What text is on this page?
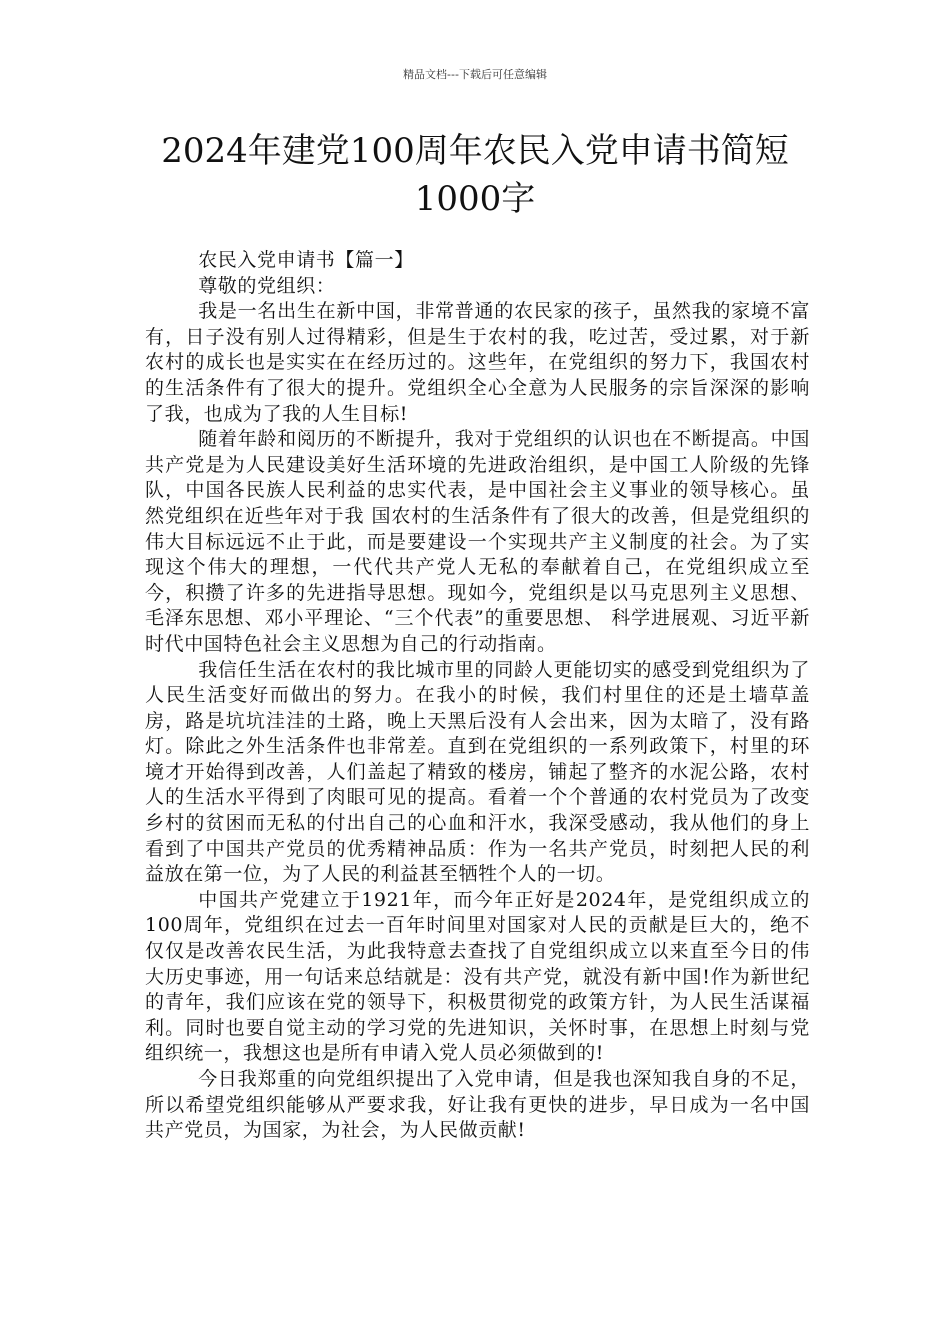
精品文档---下载后可任意编辑
2024年建党100周年农民入党申请书简短1000字

农民入党申请书【篇一】

尊敬的党组织：

我是一名出生在新中国，非常普通的农民家的孩子，虽然我的家境不富有，日子没有别人过得精彩，但是生于农村的我，吃过苦，受过累，对于新农村的成长也是实实在在经历过的。这些年，在党组织的努力下，我国农村的生活条件有了很大的提升。党组织全心全意为人民服务的宗旨深深的影响了我，也成为了我的人生目标!

随着年龄和阅历的不断提升，我对于党组织的认识也在不断提高。中国共产党是为人民建设美好生活环境的先进政治组织，是中国工人阶级的先锋队，中国各民族人民利益的忠实代表，是中国社会主义事业的领导核心。虽然党组织在近些年对于我 国农村的生活条件有了很大的改善，但是党组织的伟大目标远远不止于此，而是要建设一个实现共产主义制度的社会。为了实现这个伟大的理想，一代代共产党人无私的奉献着自己，在党组织成立至今，积攒了许多的先进指导思想。现如今，党组织是以马克思列主义思想、毛泽东思想、邓小平理论、“三个代表”的重要思想、 科学进展观、习近平新时代中国特色社会主义思想为自己的行动指南。

我信任生活在农村的我比城市里的同龄人更能切实的感受到党组织为了人民生活变好而做出的努力。在我小的时候，我们村里住的还是土墙草盖房，路是坑坑洼洼的土路，晚上天黑后没有人会出来，因为太暗了，没有路灯。除此之外生活条件也非常差。直到在党组织的一系列政策下，村里的环境才开始得到改善，人们盖起了精致的楼房，铺起了整齐的水泥公路，农村人的生活水平得到了肉眼可见的提高。看着一个个普通的农村党员为了改变乡村的贫困而无私的付出自己的心血和汗水，我深受感动，我从他们的身上看到了中国共产党员的优秀精神品质：作为一名共产党员，时刻把人民的利益放在第一位，为了人民的利益甚至牺牲个人的一切。

中国共产党建立于1921年，而今年正好是2024年，是党组织成立的100周年，党组织在过去一百年时间里对国家对人民的贡献是巨大的，绝不仅仅是改善农民生活，为此我特意去查找了自党组织成立以来直至今日的伟大历史事迹，用一句话来总结就是：没有共产党，就没有新中国!作为新世纪的青年，我们应该在党的领导下，积极贯彻党的政策方针，为人民生活谋福利。同时也要自觉主动的学习党的先进知识，关怀时事，在思想上时刻与党组织统一，我想这也是所有申请入党人员必须做到的!

今日我郑重的向党组织提出了入党申请，但是我也深知我自身的不足，所以希望党组织能够从严要求我，好让我有更快的进步，早日成为一名中国共产党员，为国家，为社会，为人民做贡献!
